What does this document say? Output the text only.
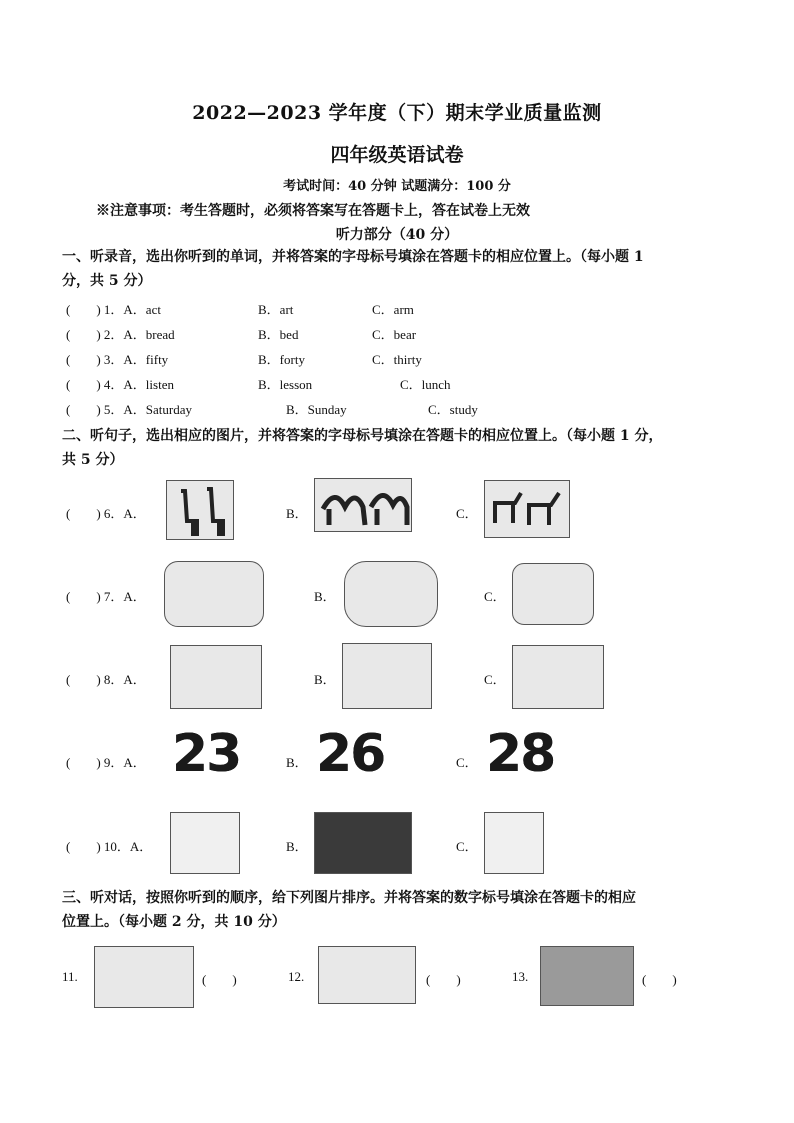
2022—2023 学年度（下）期末学业质量监测
四年级英语试卷
考试时间：40 分钟 试题满分：100 分
※注意事项：考生答题时，必须将答案写在答题卡上，答在试卷上无效
听力部分（40 分）
一、听录音，选出你听到的单词，并将答案的字母标号填涂在答题卡的相应位置上。（每小题 1
分，共 5 分）
(　　) 1．A．act	B．art	C．arm
(　　) 2．A．bread	B．bed	C．bear
(　　) 3．A．fifty	B．forty	C．thirty
(　　) 4．A．listen	B．lesson	C．lunch
(　　) 5．A．Saturday	B．Sunday	C．study
二、听句子，选出相应的图片，并将答案的字母标号填涂在答题卡的相应位置上。（每小题 1 分，
共 5 分）
(　　) 6．A．	B．	C．
(　　) 7．A．	B．	C．
(　　) 8．A．	B．	C．
(　　) 9．A． 23	B． 26	C． 28
(　　) 10．A．	B．	C．
三、听对话，按照你听到的顺序，给下列图片排序。并将答案的数字标号填涂在答题卡的相应
位置上。（每小题 2 分，共 10 分）
11.	(　　)	12.	(　　)	13.	(　　)
